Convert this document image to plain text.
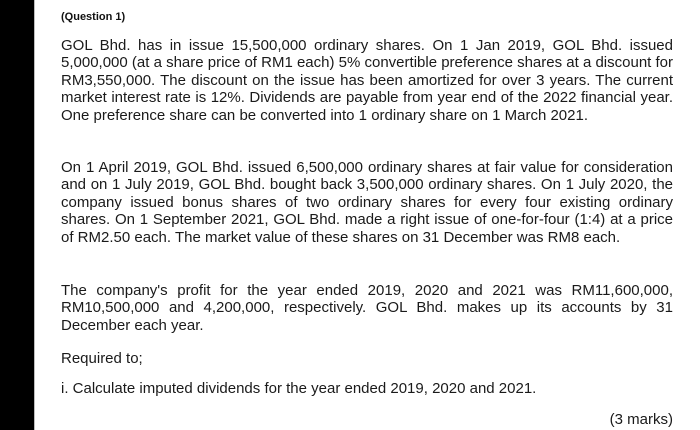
(Question 1)

GOL Bhd. has in issue 15,500,000 ordinary shares. On 1 Jan 2019, GOL Bhd. issued 5,000,000 (at a share price of RM1 each) 5% convertible preference shares at a discount for RM3,550,000. The discount on the issue has been amortized for over 3 years. The current market interest rate is 12%. Dividends are payable from year end of the 2022 financial year. One preference share can be converted into 1 ordinary share on 1 March 2021.

On 1 April 2019, GOL Bhd. issued 6,500,000 ordinary shares at fair value for consideration and on 1 July 2019, GOL Bhd. bought back 3,500,000 ordinary shares. On 1 July 2020, the company issued bonus shares of two ordinary shares for every four existing ordinary shares. On 1 September 2021, GOL Bhd. made a right issue of one-for-four (1:4) at a price of RM2.50 each. The market value of these shares on 31 December was RM8 each.

The company's profit for the year ended 2019, 2020 and 2021 was RM11,600,000, RM10,500,000 and 4,200,000, respectively. GOL Bhd. makes up its accounts by 31 December each year.

Required to;

i. Calculate imputed dividends for the year ended 2019, 2020 and 2021.

(3 marks)
